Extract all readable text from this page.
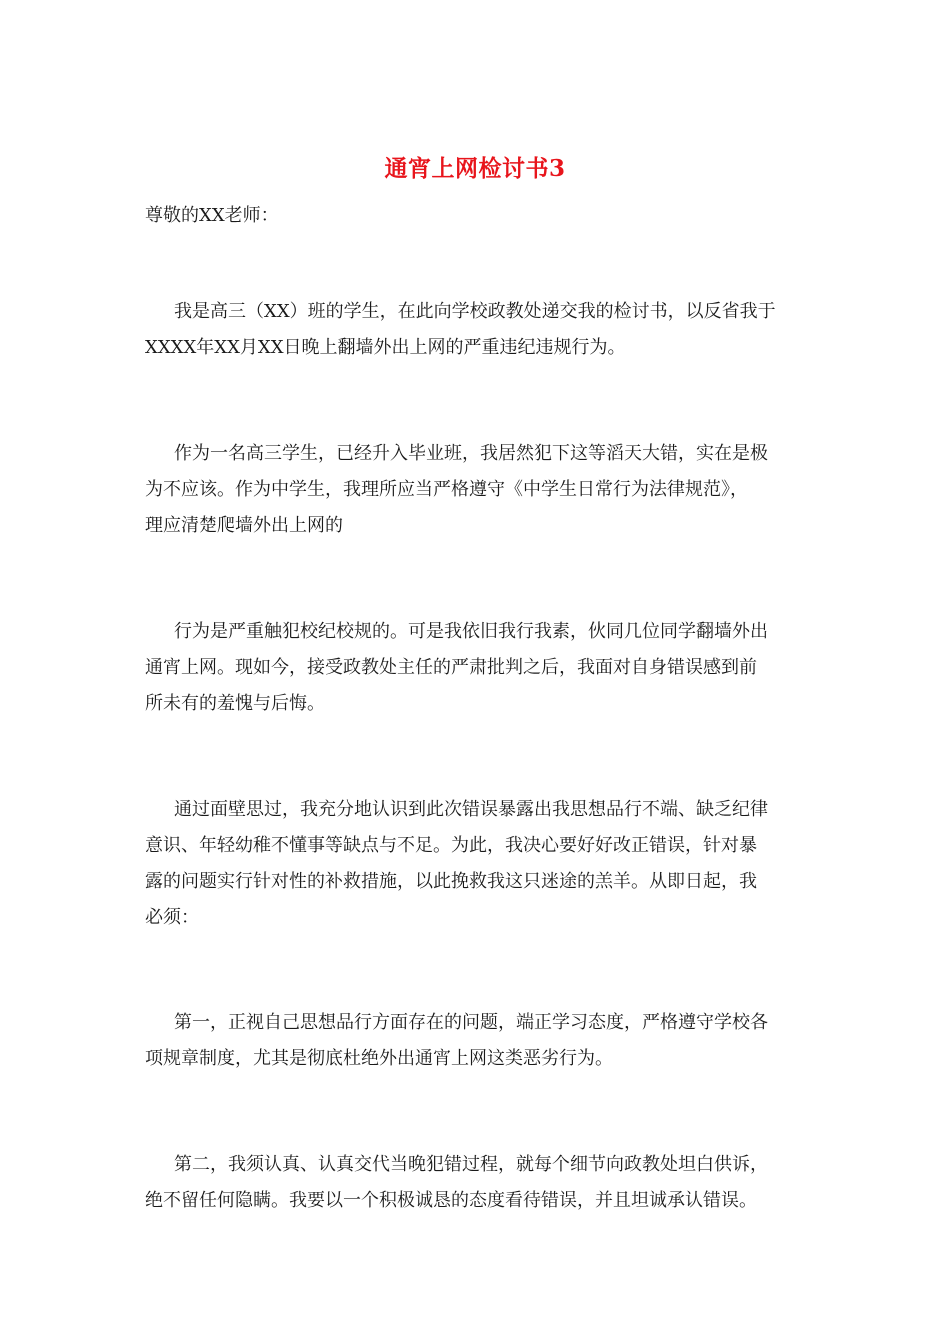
通宵上网检讨书3
尊敬的XX老师：
我是高三（XX）班的学生，在此向学校政教处递交我的检讨书，以反省我于
XXXX年XX月XX日晚上翻墙外出上网的严重违纪违规行为。
作为一名高三学生，已经升入毕业班，我居然犯下这等滔天大错，实在是极
为不应该。作为中学生，我理所应当严格遵守《中学生日常行为法律规范》，
理应清楚爬墙外出上网的
行为是严重触犯校纪校规的。可是我依旧我行我素，伙同几位同学翻墙外出
通宵上网。现如今，接受政教处主任的严肃批判之后，我面对自身错误感到前
所未有的羞愧与后悔。
通过面壁思过，我充分地认识到此次错误暴露出我思想品行不端、缺乏纪律
意识、年轻幼稚不懂事等缺点与不足。为此，我决心要好好改正错误，针对暴
露的问题实行针对性的补救措施，以此挽救我这只迷途的羔羊。从即日起，我
必须：
第一，正视自己思想品行方面存在的问题，端正学习态度，严格遵守学校各
项规章制度，尤其是彻底杜绝外出通宵上网这类恶劣行为。
第二，我须认真、认真交代当晚犯错过程，就每个细节向政教处坦白供诉，
绝不留任何隐瞒。我要以一个积极诚恳的态度看待错误，并且坦诚承认错误。
